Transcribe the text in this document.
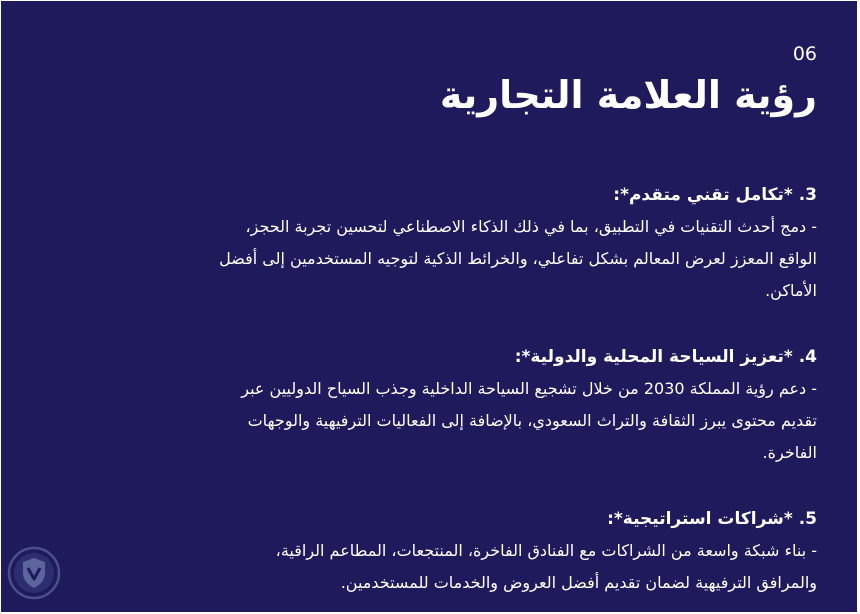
06
رؤية العلامة التجارية
3. *تكامل تقني متقدم*:
- دمج أحدث التقنيات في التطبيق، بما في ذلك الذكاء الاصطناعي لتحسين تجربة الحجز،
الواقع المعزز لعرض المعالم بشكل تفاعلي، والخرائط الذكية لتوجيه المستخدمين إلى أفضل
الأماكن.
4. *تعزيز السياحة المحلية والدولية*:
- دعم رؤية المملكة 2030 من خلال تشجيع السياحة الداخلية وجذب السياح الدوليين عبر
تقديم محتوى يبرز الثقافة والتراث السعودي، بالإضافة إلى الفعاليات الترفيهية والوجهات
الفاخرة.
5. *شراكات استراتيجية*:
- بناء شبكة واسعة من الشراكات مع الفنادق الفاخرة، المنتجعات، المطاعم الراقية،
والمرافق الترفيهية لضمان تقديم أفضل العروض والخدمات للمستخدمين.
